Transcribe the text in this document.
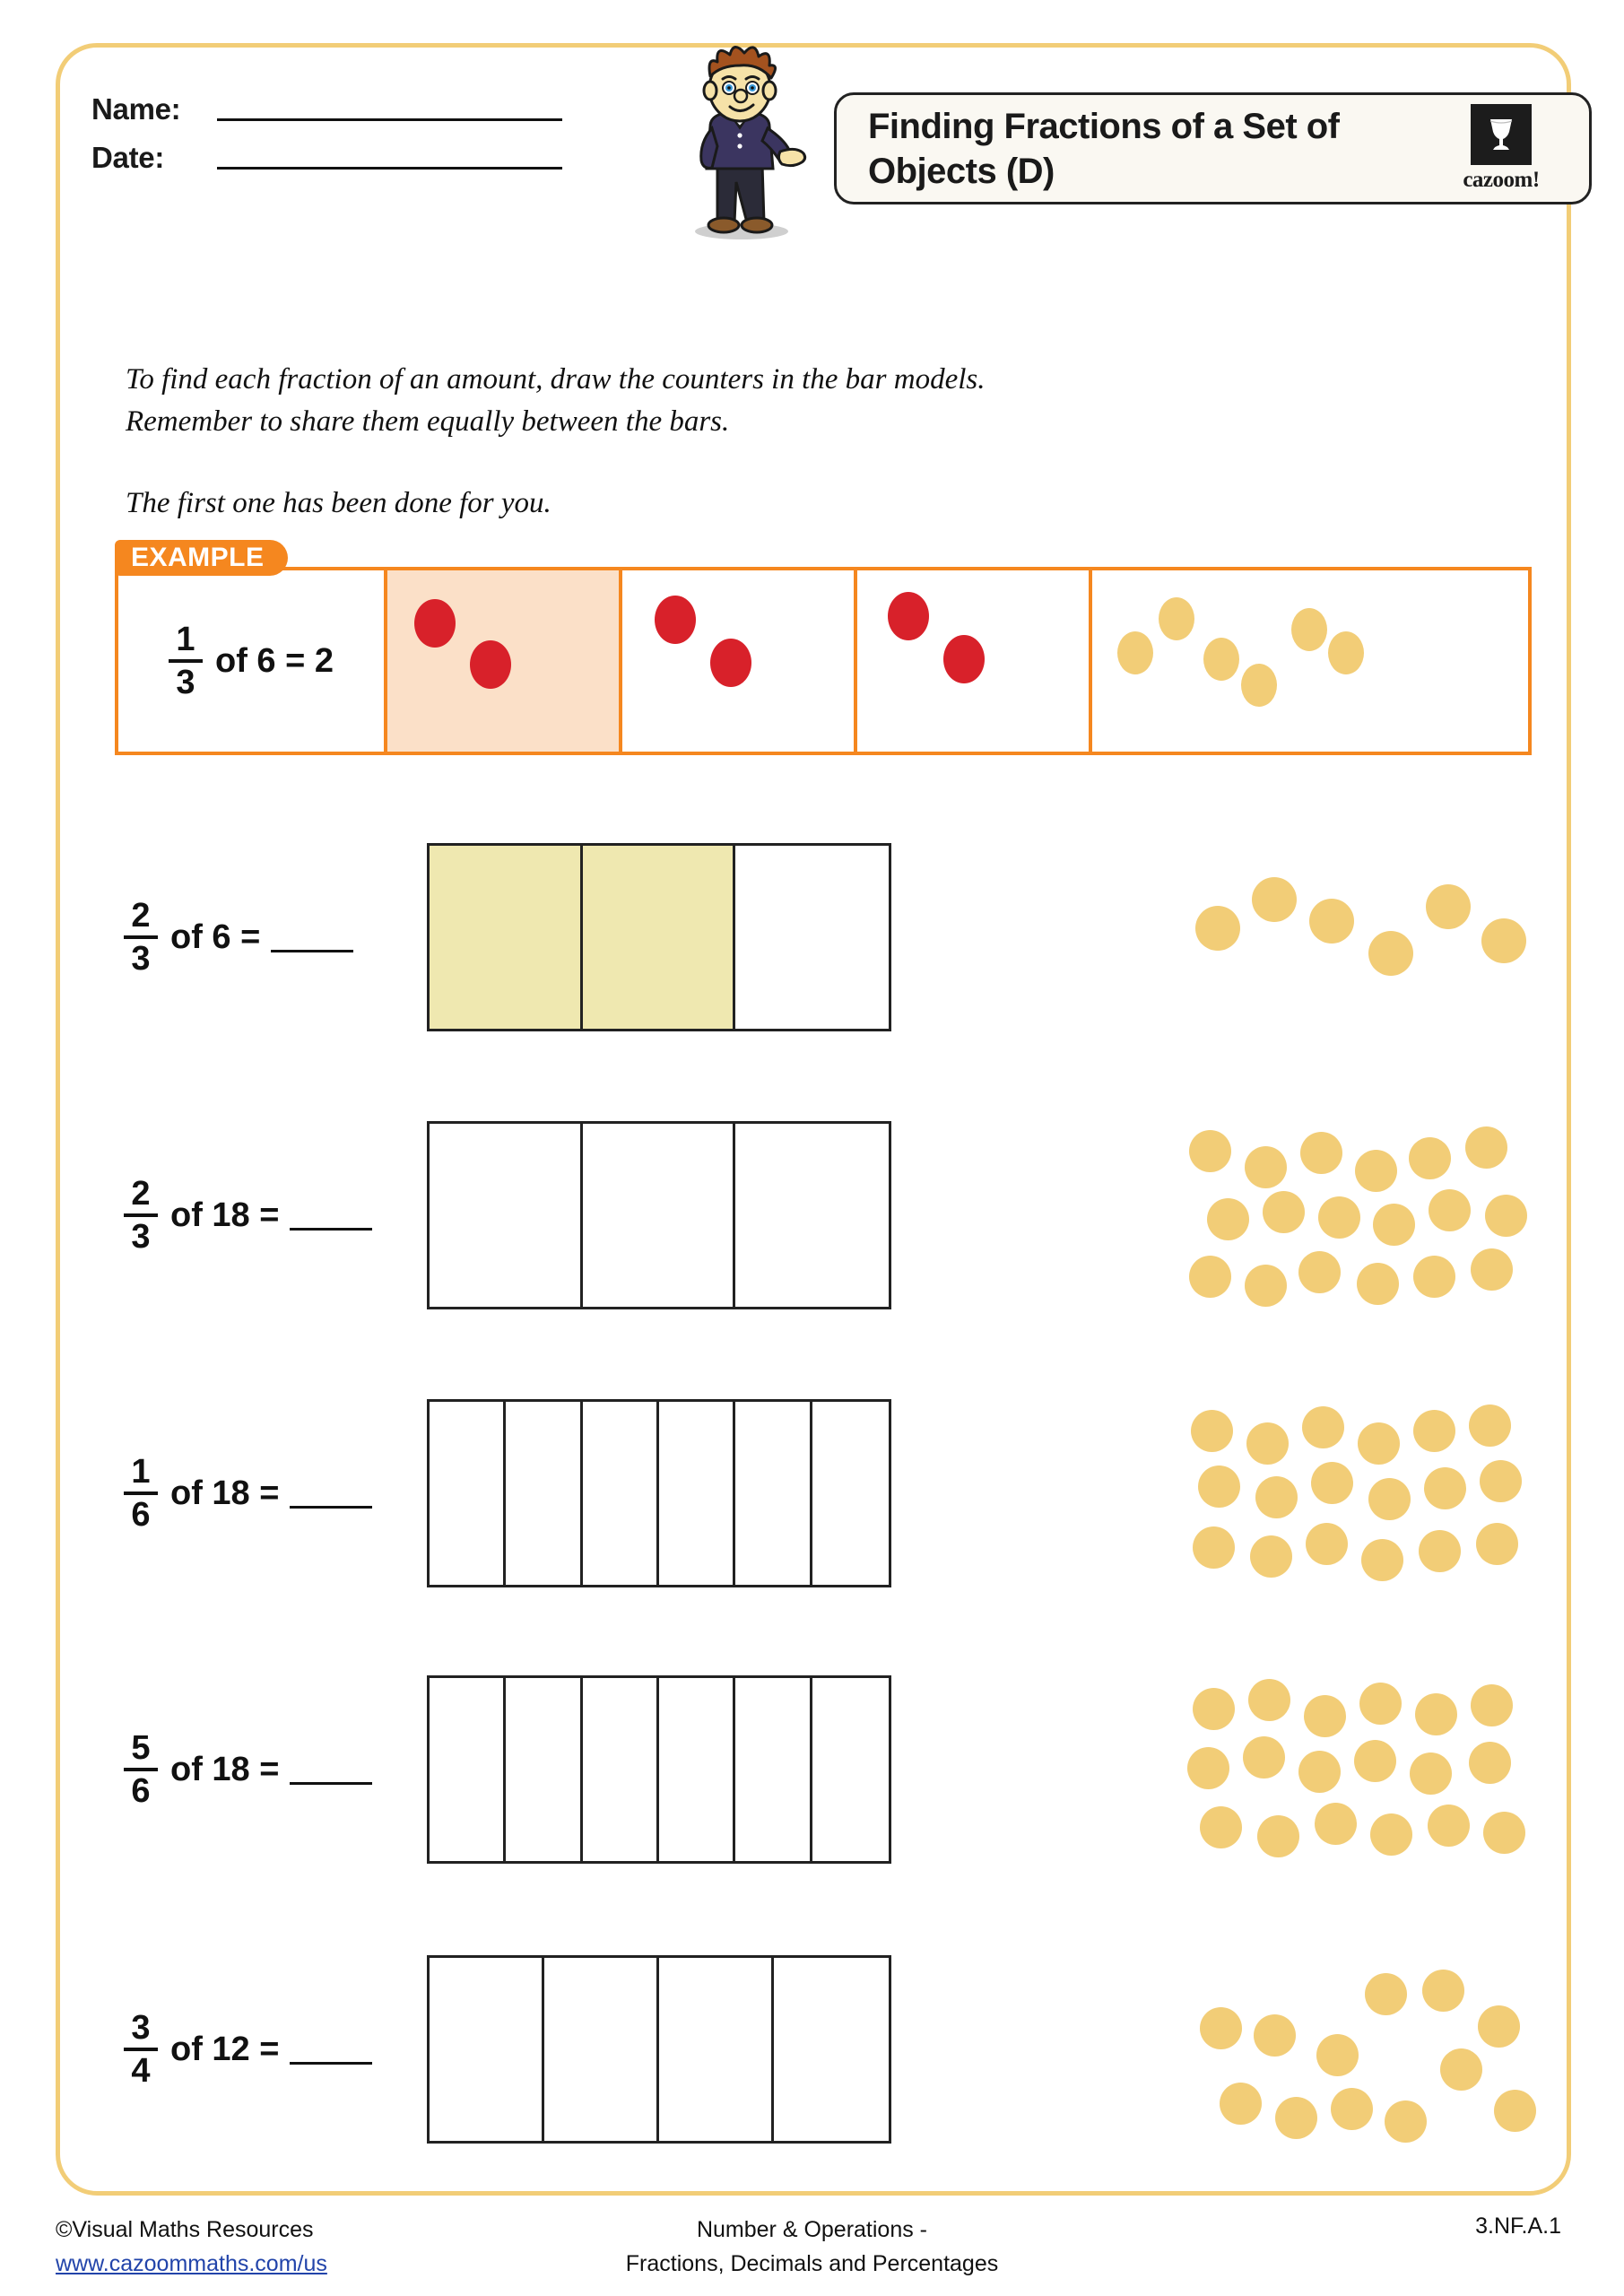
Name:
Date:
Finding Fractions of a Set of Objects (D)	cazoom!
To find each fraction of an amount, draw the counters in the bar models.
Remember to share them equally between the bars.
The first one has been done for you.
EXAMPLE
$\frac{1}{3}$ of 6 = 2
$\frac{2}{3}$ of 6 =
$\frac{2}{3}$ of 18 =
$\frac{1}{6}$ of 18 =
$\frac{5}{6}$ of 18 =
$\frac{3}{4}$ of 12 =
©Visual Maths Resources
www.cazoommaths.com/us
Number & Operations -
Fractions, Decimals and Percentages
3.NF.A.1
